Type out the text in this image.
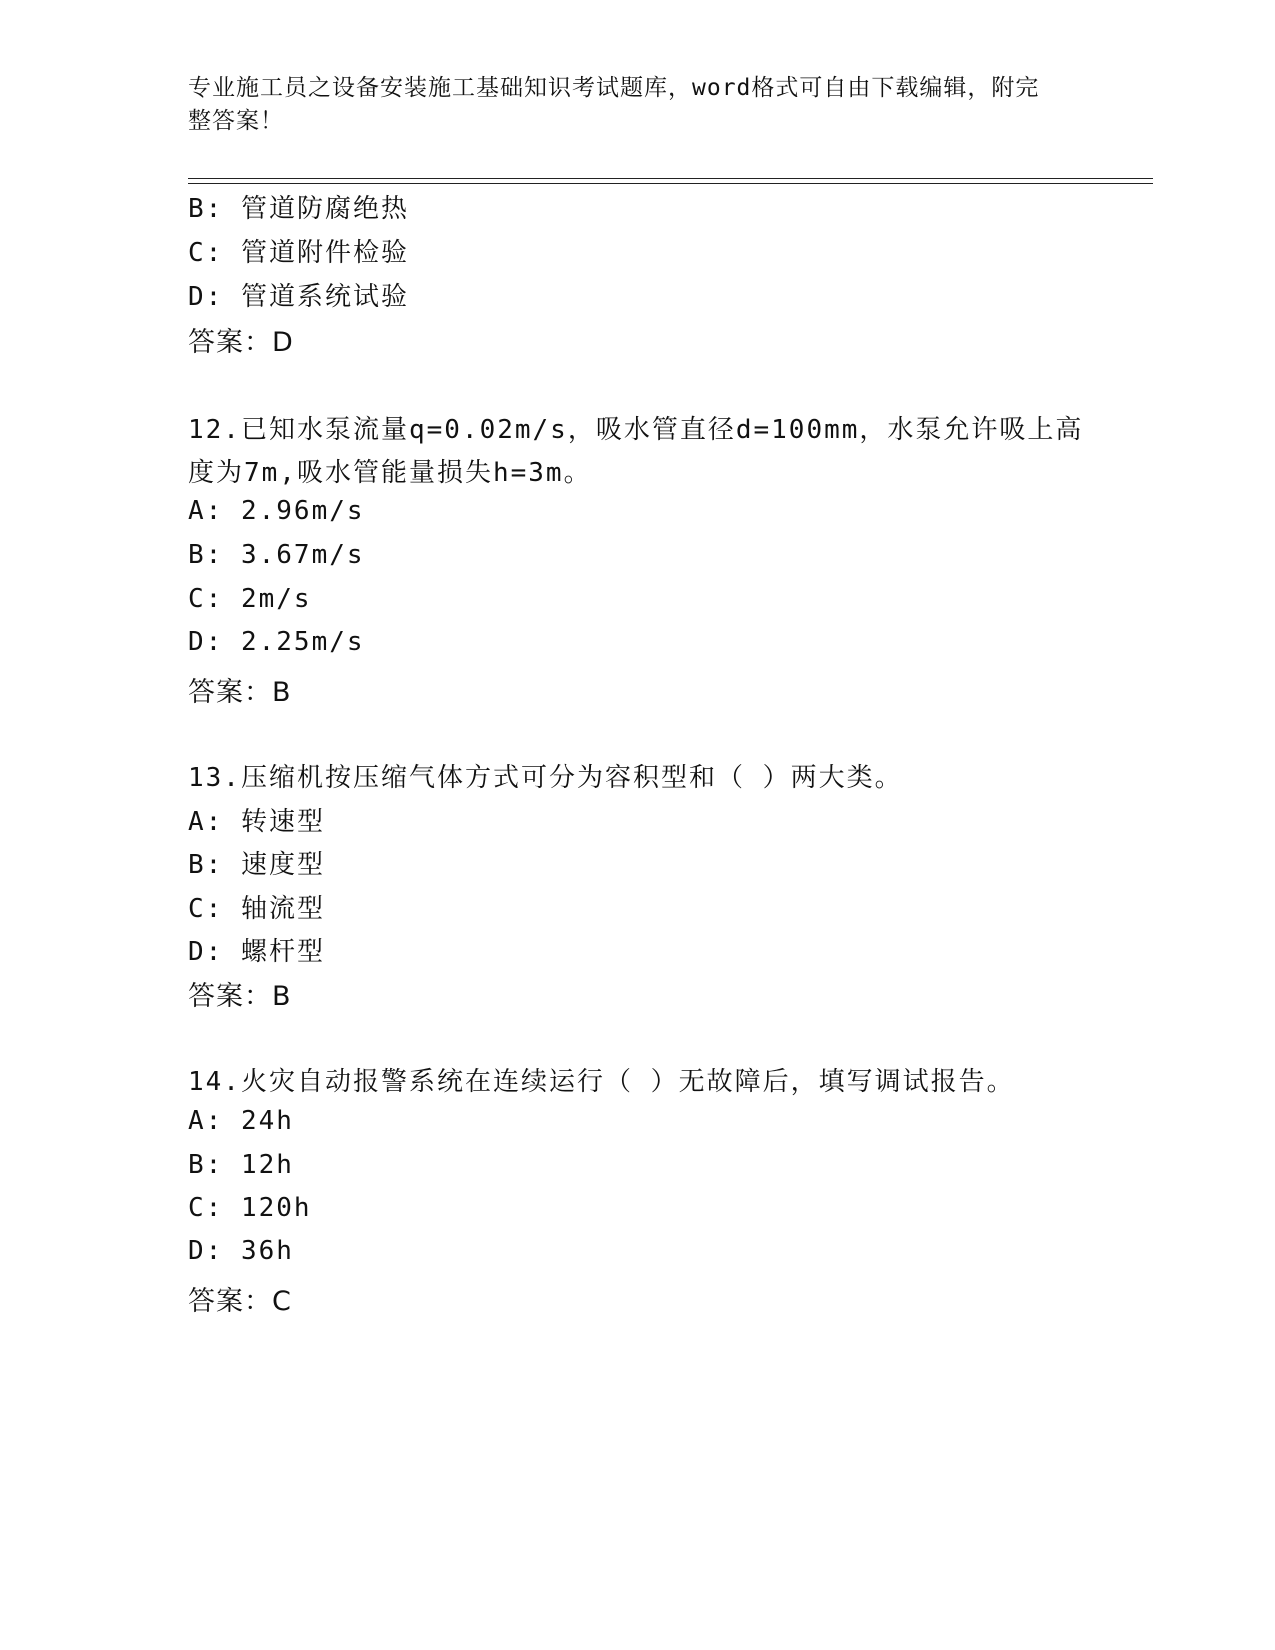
专业施工员之设备安装施工基础知识考试题库，word格式可自由下载编辑，附完
整答案！
B: 管道防腐绝热
C: 管道附件检验
D: 管道系统试验
答案：D
12.已知水泵流量q=0.02m/s，吸水管直径d=100mm，水泵允许吸上高
度为7m,吸水管能量损失h=3m。
A: 2.96m/s
B: 3.67m/s
C: 2m/s
D: 2.25m/s
答案：B
13.压缩机按压缩气体方式可分为容积型和（ ）两大类。
A: 转速型
B: 速度型
C: 轴流型
D: 螺杆型
答案：B
14.火灾自动报警系统在连续运行（ ）无故障后，填写调试报告。
A: 24h
B: 12h
C: 120h
D: 36h
答案：C
